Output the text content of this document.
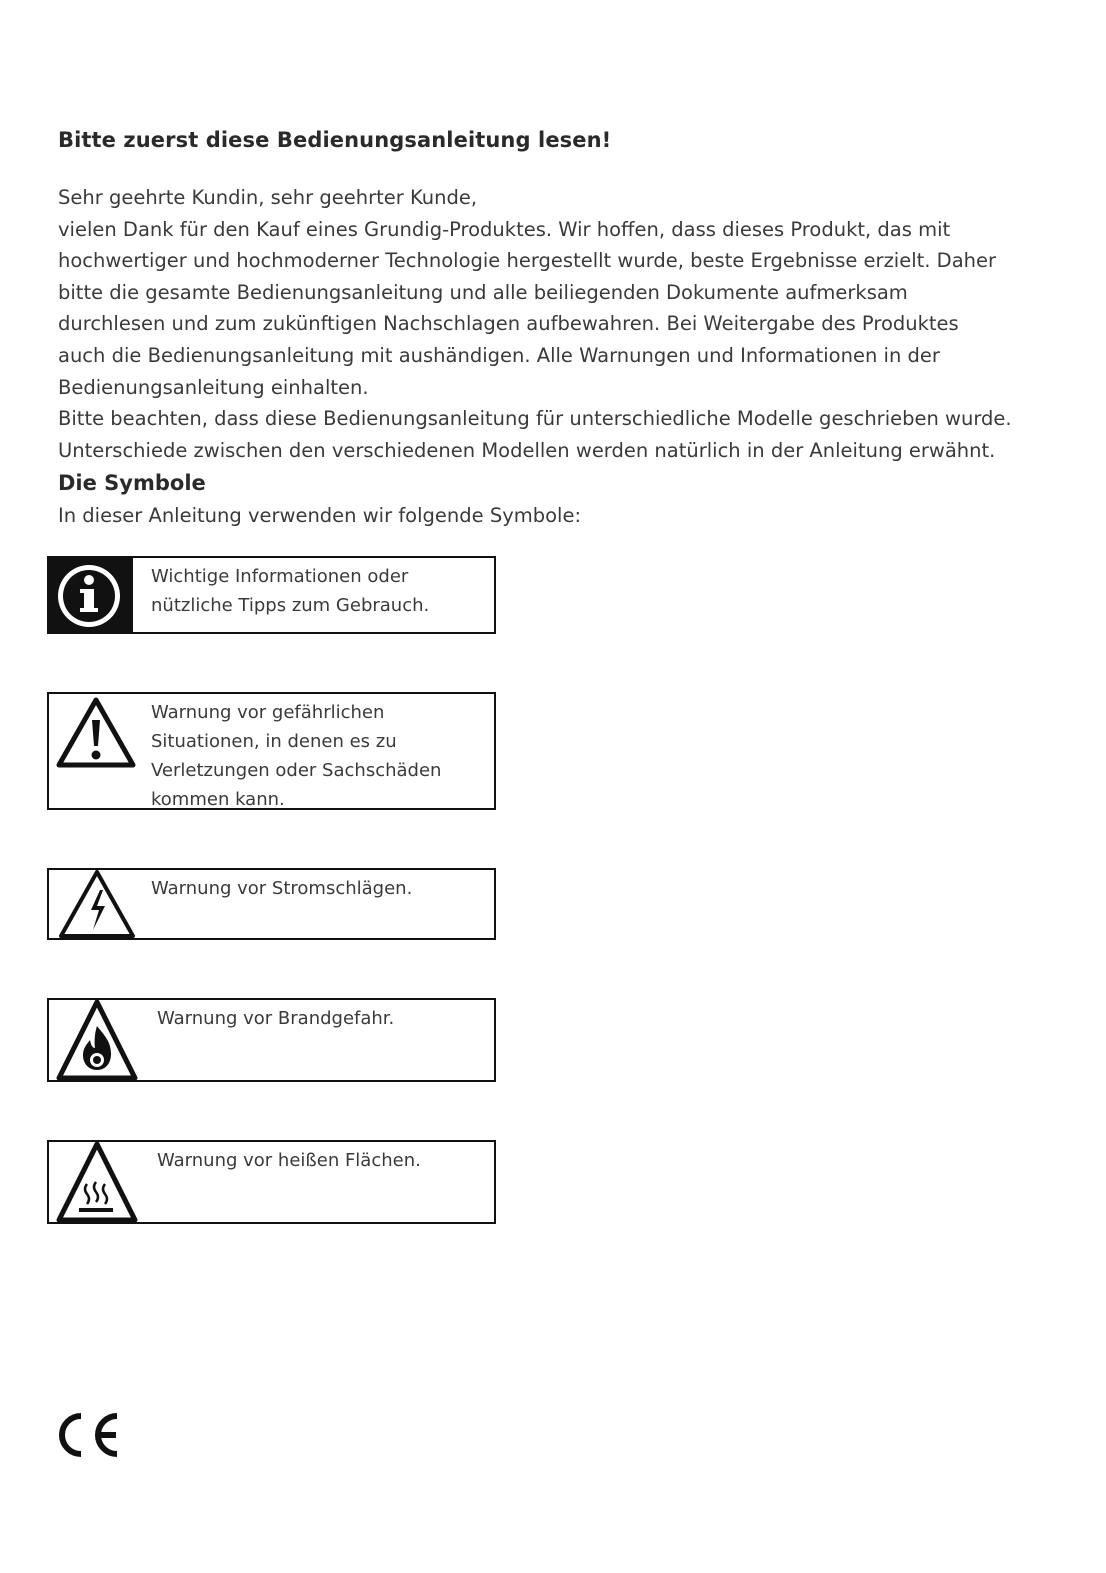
Bitte zuerst diese Bedienungsanleitung lesen!

Sehr geehrte Kundin, sehr geehrter Kunde,

vielen Dank für den Kauf eines Grundig-Produktes. Wir hoffen, dass dieses Produkt, das mit

hochwertiger und hochmoderner Technologie hergestellt wurde, beste Ergebnisse erzielt. Daher

bitte die gesamte Bedienungsanleitung und alle beiliegenden Dokumente aufmerksam

durchlesen und zum zukünftigen Nachschlagen aufbewahren. Bei Weitergabe des Produktes

auch die Bedienungsanleitung mit aushändigen. Alle Warnungen und Informationen in der

Bedienungsanleitung einhalten.

Bitte beachten, dass diese Bedienungsanleitung für unterschiedliche Modelle geschrieben wurde.

Unterschiede zwischen den verschiedenen Modellen werden natürlich in der Anleitung erwähnt.

Die Symbole

In dieser Anleitung verwenden wir folgende Symbole:

Wichtige Informationen oder
nützliche Tipps zum Gebrauch.
Warnung vor gefährlichen
Situationen, in denen es zu
Verletzungen oder Sachschäden
kommen kann.
Warnung vor Stromschlägen.
Warnung vor Brandgefahr.
Warnung vor heißen Flächen.
